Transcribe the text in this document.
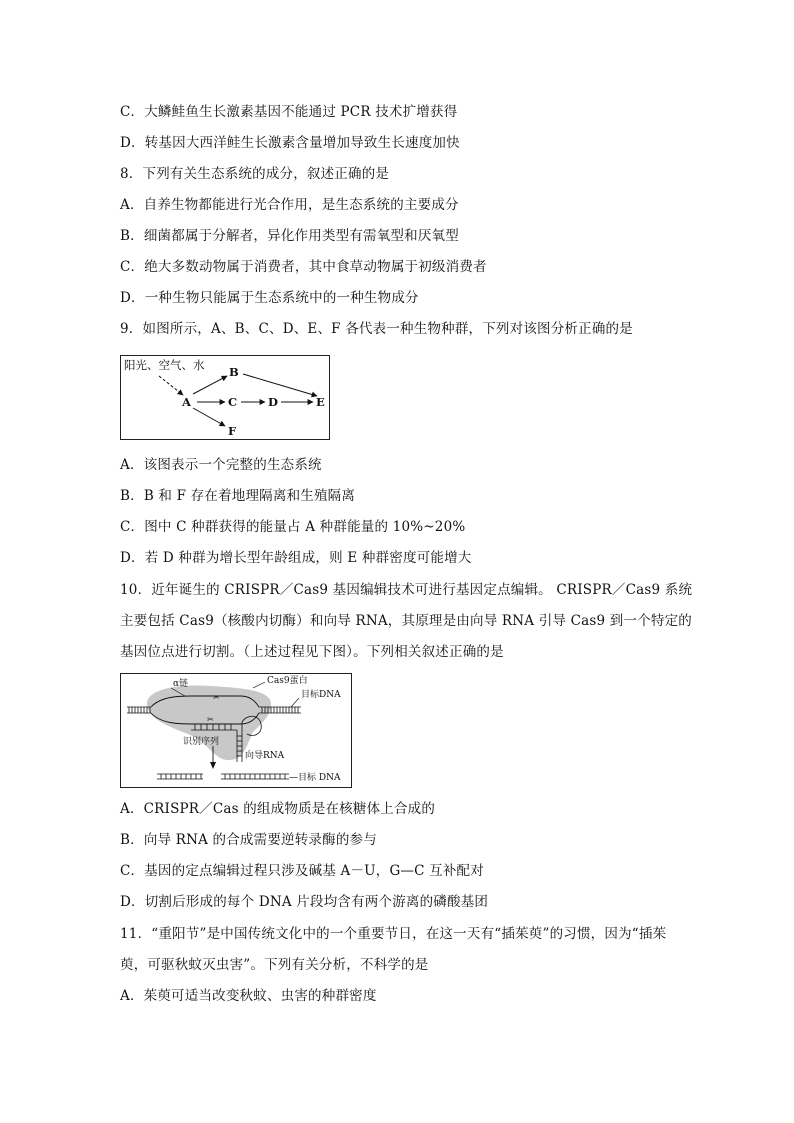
C．大鳞鲑鱼生长激素基因不能通过 PCR 技术扩增获得
D．转基因大西洋鲑生长激素含量增加导致生长速度加快
8．下列有关生态系统的成分，叙述正确的是
A．自养生物都能进行光合作用，是生态系统的主要成分
B．细菌都属于分解者，异化作用类型有需氧型和厌氧型
C．绝大多数动物属于消费者，其中食草动物属于初级消费者
D．一种生物只能属于生态系统中的一种生物成分
9．如图所示，A、B、C、D、E、F 各代表一种生物种群，下列对该图分析正确的是
阳光、空气、水 B
A	C	D	E
F
A．该图表示一个完整的生态系统
B．B 和 F 存在着地理隔离和生殖隔离
C．图中 C 种群获得的能量占 A 种群能量的 10%~20%
D．若 D 种群为增长型年龄组成，则 E 种群密度可能增大
10．近年诞生的 CRISPR／Cas9 基因编辑技术可进行基因定点编辑。 CRISPR／Cas9 系统
主要包括 Cas9（核酸内切酶）和向导 RNA，其原理是由向导 RNA 引导 Cas9 到一个特定的
基因位点进行切割。（上述过程见下图）。下列相关叙述正确的是
✂
✂
α链	Cas9蛋白
目标DNA
识别序列
向导RNA
—目标 DNA
A．CRISPR／Cas 的组成物质是在核糖体上合成的
B．向导 RNA 的合成需要逆转录酶的参与
C．基因的定点编辑过程只涉及碱基 A－U，G—C 互补配对
D．切割后形成的每个 DNA 片段均含有两个游离的磷酸基团
11．“重阳节”是中国传统文化中的一个重要节日，在这一天有“插茱萸”的习惯，因为“插茱
萸，可驱秋蚊灭虫害”。下列有关分析，不科学的是
A．茱萸可适当改变秋蚊、虫害的种群密度
